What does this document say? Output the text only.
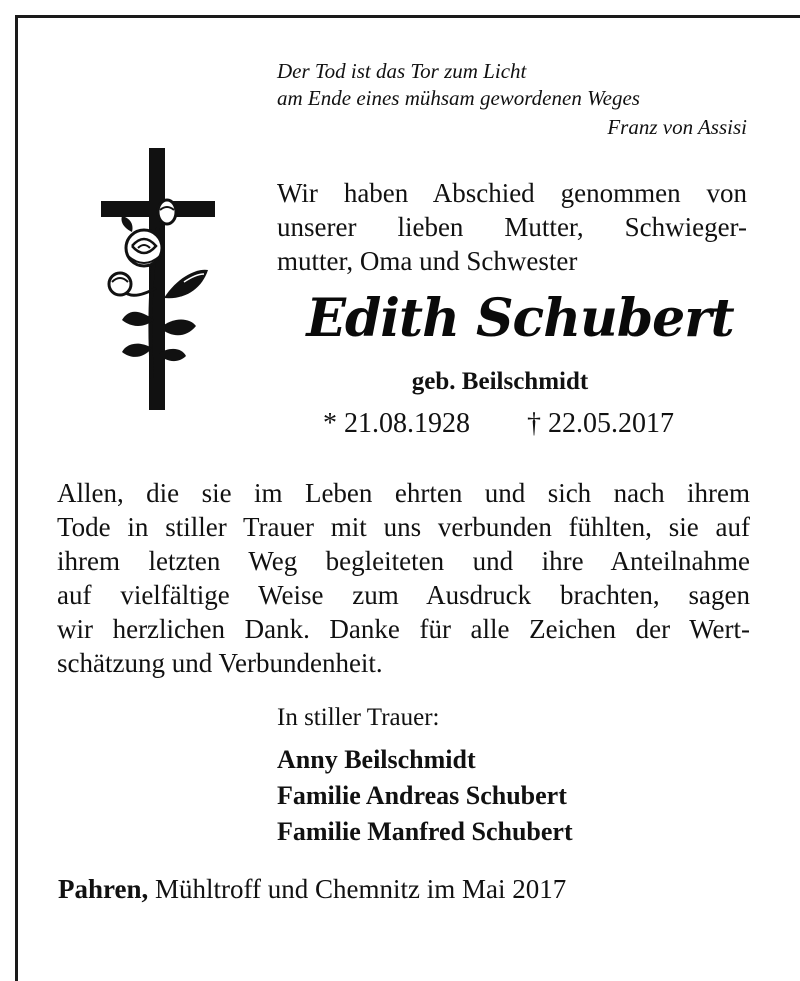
Der Tod ist das Tor zum Licht
am Ende eines mühsam gewordenen Weges
Franz von Assisi
Wir haben Abschied genommen von
unserer lieben Mutter, Schwieger-
mutter, Oma und Schwester
Edith Schubert
geb. Beilschmidt
* 21.08.1928 † 22.05.2017
Allen, die sie im Leben ehrten und sich nach ihrem
Tode in stiller Trauer mit uns verbunden fühlten, sie auf
ihrem letzten Weg begleiteten und ihre Anteilnahme
auf vielfältige Weise zum Ausdruck brachten, sagen
wir herzlichen Dank. Danke für alle Zeichen der Wert-
schätzung und Verbundenheit.
In stiller Trauer:
Anny Beilschmidt
Familie Andreas Schubert
Familie Manfred Schubert
Pahren, Mühltroff und Chemnitz im Mai 2017
